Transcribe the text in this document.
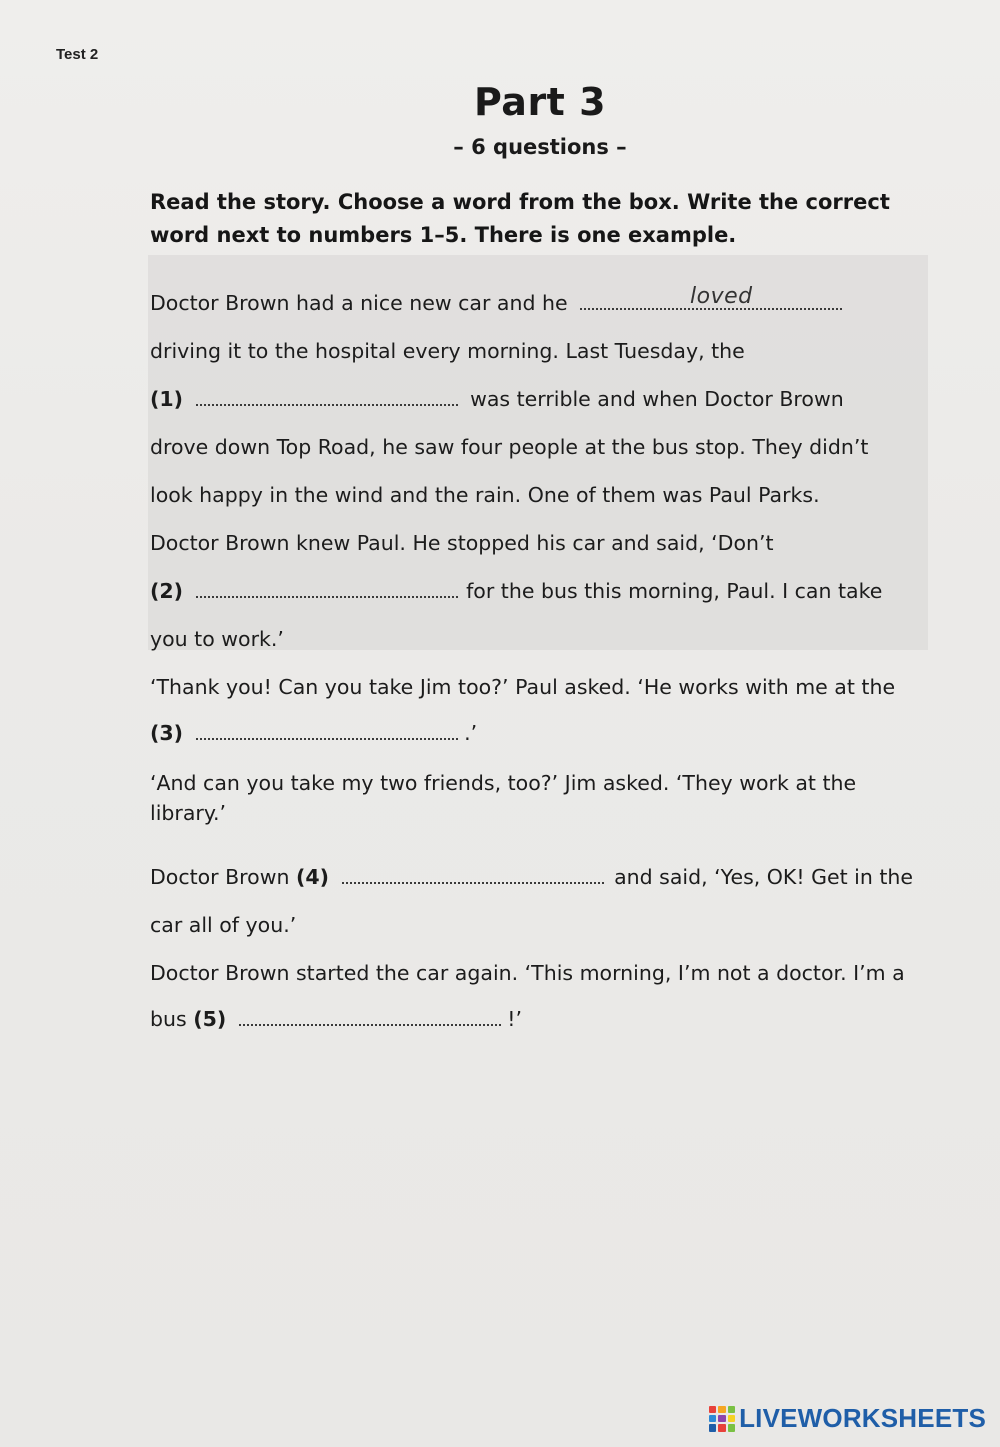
Test 2
Part 3
– 6 questions –
Read the story. Choose a word from the box. Write the correct
word next to numbers 1–5. There is one example.
Doctor Brown had a nice new car and he	loved
driving it to the hospital every morning. Last Tuesday, the
(1)	was terrible and when Doctor Brown
drove down Top Road, he saw four people at the bus stop. They didn’t
look happy in the wind and the rain. One of them was Paul Parks.
Doctor Brown knew Paul. He stopped his car and said, ‘Don’t
(2)	for the bus this morning, Paul. I can take
you to work.’
‘Thank you! Can you take Jim too?’ Paul asked. ‘He works with me at the
(3)	.’
‘And can you take my two friends, too?’ Jim asked. ‘They work at the
library.’
Doctor Brown (4)	and said, ‘Yes, OK! Get in the
car all of you.’
Doctor Brown started the car again. ‘This morning, I’m not a doctor. I’m a
bus (5)	!’
LIVEWORKSHEETS
